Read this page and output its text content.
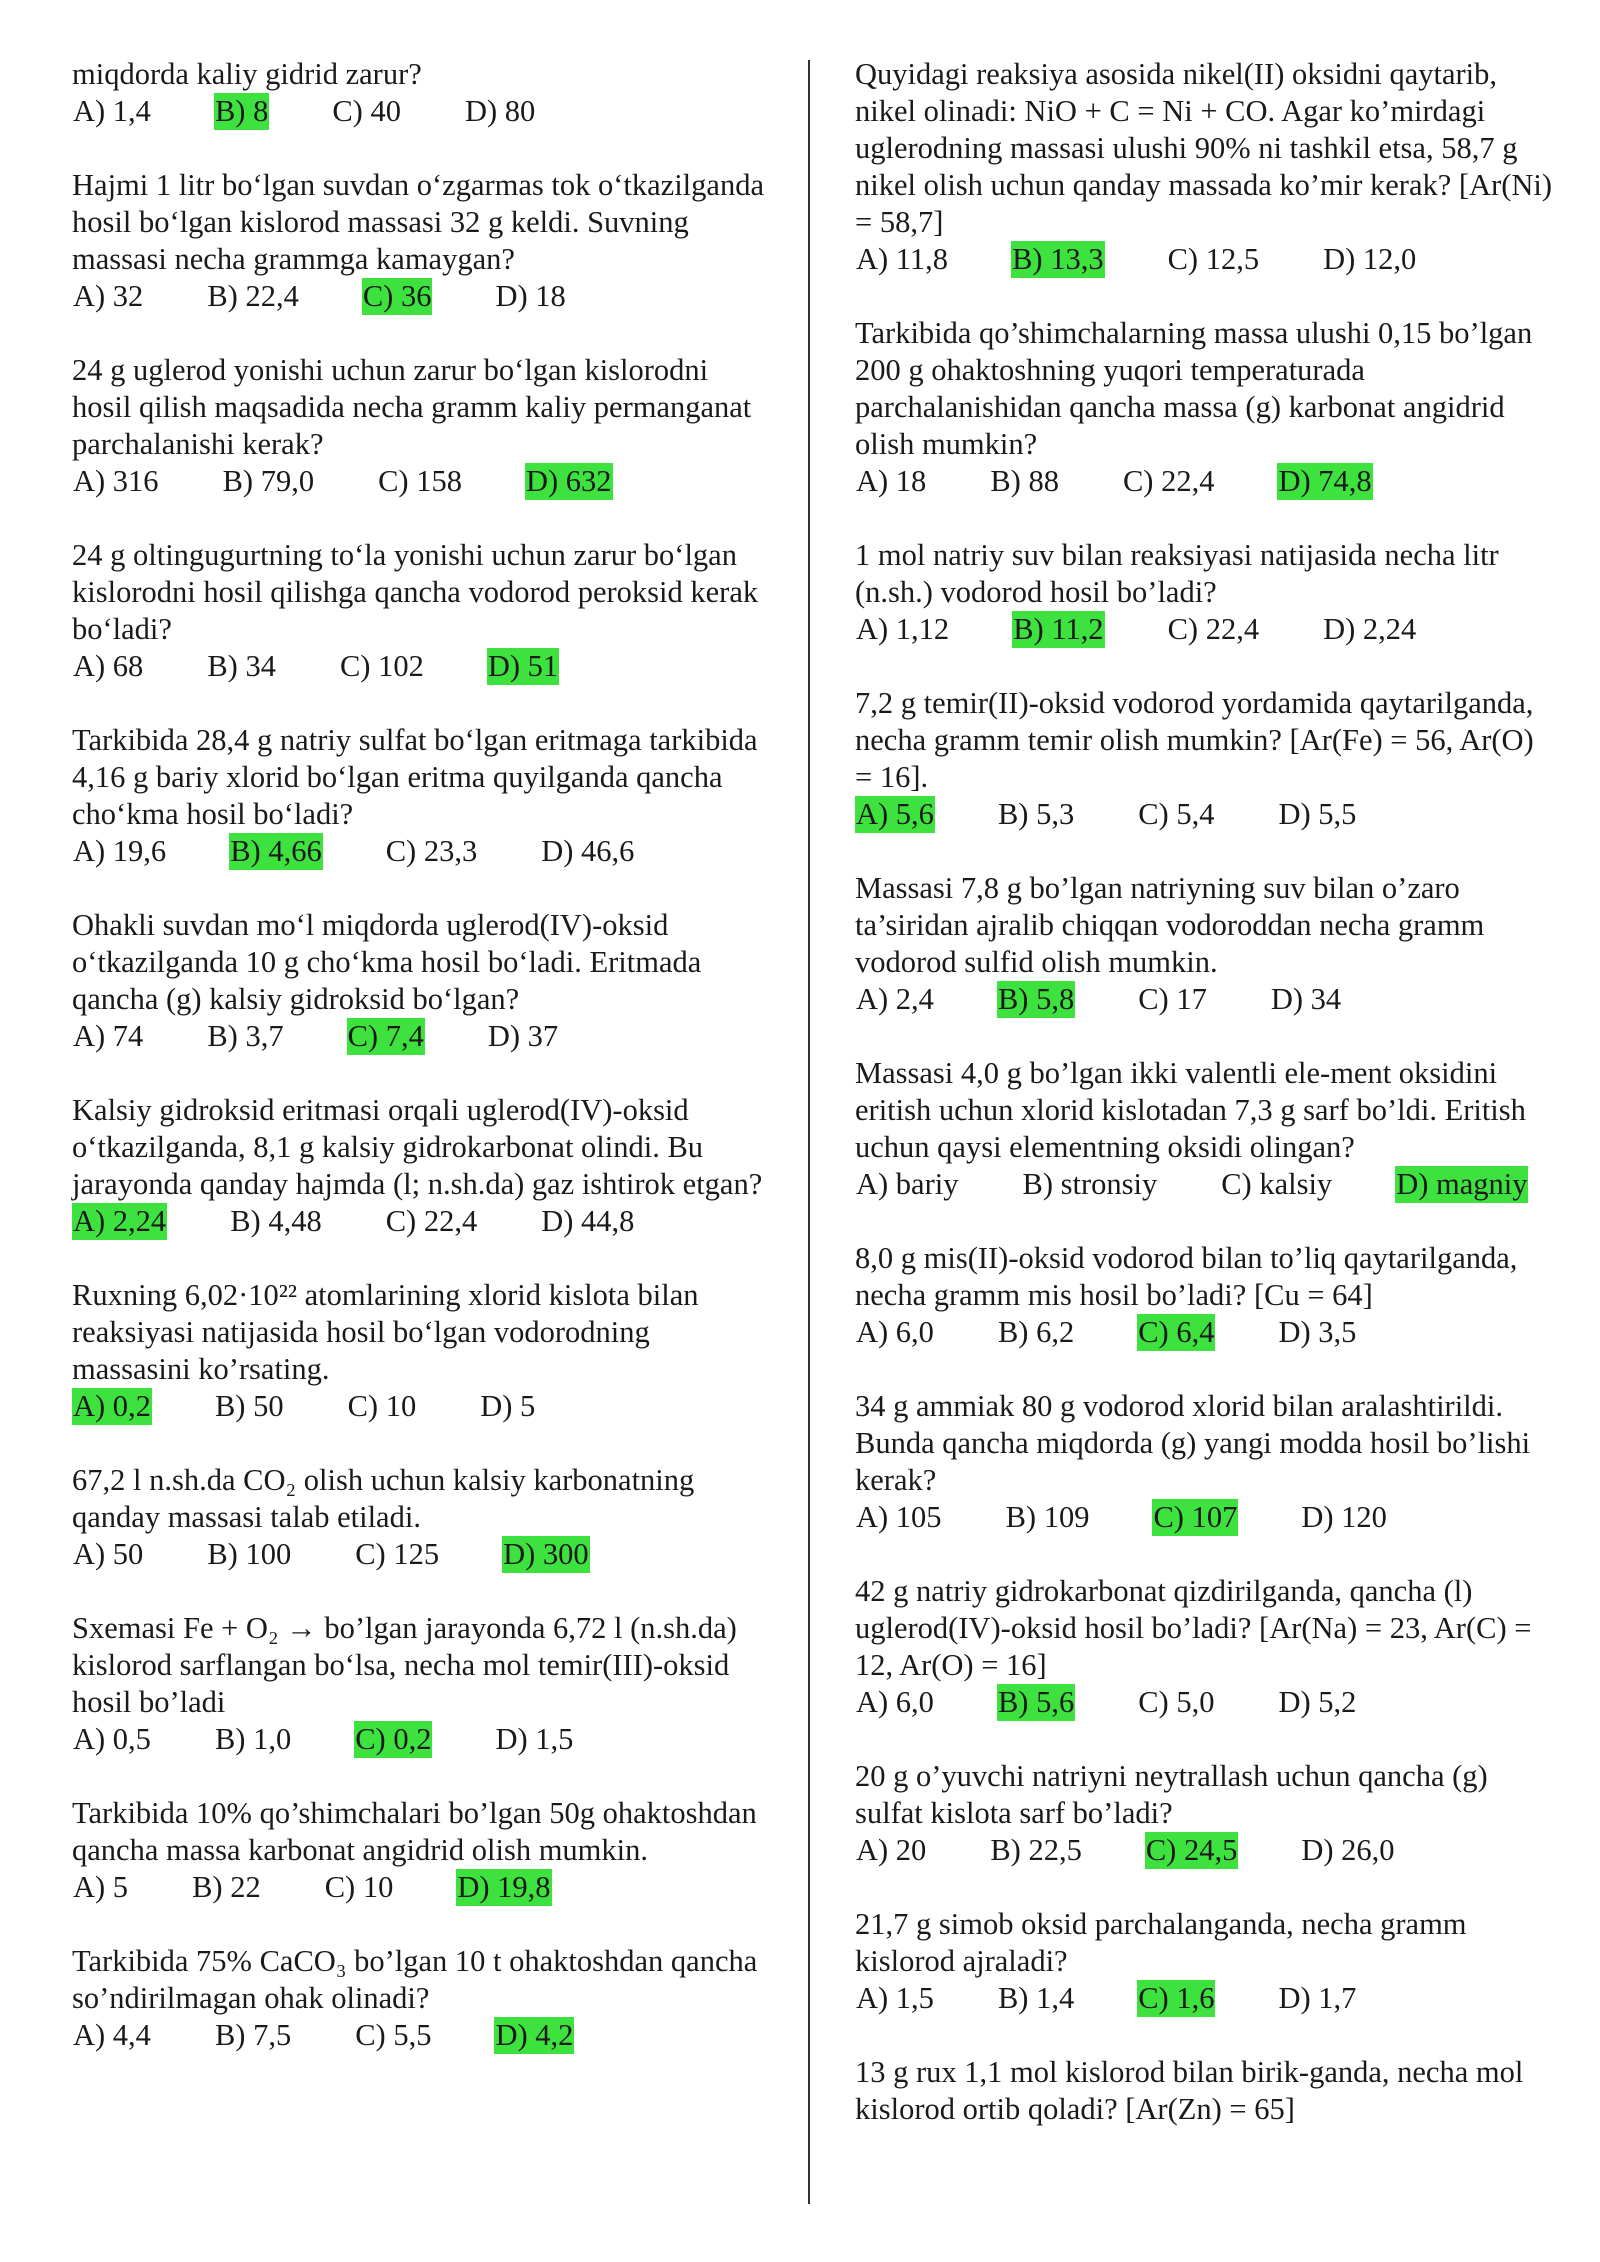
miqdorda kaliy gidrid zarur?
A) 1,4 B) 8 C) 40 D) 80
Hajmi 1 litr bo‘lgan suvdan o‘zgarmas tok o‘tkazilganda hosil bo‘lgan kislorod massasi 32 g keldi. Suvning massasi necha grammga kamaygan?
A) 32 B) 22,4 C) 36 D) 18
24 g uglerod yonishi uchun zarur bo‘lgan kislorodni hosil qilish maqsadida necha gramm kaliy permanganat parchalanishi kerak?
A) 316 B) 79,0 C) 158 D) 632
24 g oltingugurtning to‘la yonishi uchun zarur bo‘lgan kislorodni hosil qilishga qancha vodorod peroksid kerak bo‘ladi?
A) 68 B) 34 C) 102 D) 51
Tarkibida 28,4 g natriy sulfat bo‘lgan eritmaga tarkibida 4,16 g bariy xlorid bo‘lgan eritma quyilganda qancha cho‘kma hosil bo‘ladi?
A) 19,6 B) 4,66 C) 23,3 D) 46,6
Ohakli suvdan mo‘l miqdorda uglerod(IV)-oksid o‘tkazilganda 10 g cho‘kma hosil bo‘ladi. Eritmada qancha (g) kalsiy gidroksid bo‘lgan?
A) 74 B) 3,7 C) 7,4 D) 37
Kalsiy gidroksid eritmasi orqali uglerod(IV)-oksid o‘tkazilganda, 8,1 g kalsiy gidrokarbonat olindi. Bu jarayonda qanday hajmda (l; n.sh.da) gaz ishtirok etgan?
A) 2,24 B) 4,48 C) 22,4 D) 44,8
Ruxning 6,02·10²² atomlarining xlorid kislota bilan reaksiyasi natijasida hosil bo‘lgan vodorodning massasini ko’rsating.
A) 0,2 B) 50 C) 10 D) 5
67,2 l n.sh.da CO₂ olish uchun kalsiy karbonatning qanday massasi talab etiladi.
A) 50 B) 100 C) 125 D) 300
Sxemasi Fe + O₂ → bo’lgan jarayonda 6,72 l (n.sh.da) kislorod sarflangan bo‘lsa, necha mol temir(III)-oksid hosil bo’ladi
A) 0,5 B) 1,0 C) 0,2 D) 1,5
Tarkibida 10% qo’shimchalari bo’lgan 50g ohaktoshdan qancha massa karbonat angidrid olish mumkin.
A) 5 B) 22 C) 10 D) 19,8
Tarkibida 75% CaCO₃ bo’lgan 10 t ohaktoshdan qancha so’ndirilmagan ohak olinadi?
A) 4,4 B) 7,5 C) 5,5 D) 4,2
Quyidagi reaksiya asosida nikel(II) oksidni qaytarib, nikel olinadi: NiO + C = Ni + CO. Agar ko’mirdagi uglerodning massasi ulushi 90% ni tashkil etsa, 58,7 g nikel olish uchun qanday massada ko’mir kerak? [Ar(Ni) = 58,7]
A) 11,8 B) 13,3 C) 12,5 D) 12,0
Tarkibida qo’shimchalarning massa ulushi 0,15 bo’lgan 200 g ohaktoshning yuqori temperaturada parchalanishidan qancha massa (g) karbonat angidrid olish mumkin?
A) 18 B) 88 C) 22,4 D) 74,8
1 mol natriy suv bilan reaksiyasi natijasida necha litr (n.sh.) vodorod hosil bo’ladi?
A) 1,12 B) 11,2 C) 22,4 D) 2,24
7,2 g temir(II)-oksid vodorod yordamida qaytarilganda, necha gramm temir olish mumkin? [Ar(Fe) = 56, Ar(O) = 16].
A) 5,6 B) 5,3 C) 5,4 D) 5,5
Massasi 7,8 g bo’lgan natriyning suv bilan o’zaro ta’siridan ajralib chiqqan vodoroddan necha gramm vodorod sulfid olish mumkin.
A) 2,4 B) 5,8 C) 17 D) 34
Massasi 4,0 g bo’lgan ikki valentli ele-ment oksidini eritish uchun xlorid kislotadan 7,3 g sarf bo’ldi. Eritish uchun qaysi elementning oksidi olingan?
A) bariy B) stronsiy C) kalsiy D) magniy
8,0 g mis(II)-oksid vodorod bilan to’liq qaytarilganda, necha gramm mis hosil bo’ladi? [Cu = 64]
A) 6,0 B) 6,2 C) 6,4 D) 3,5
34 g ammiak 80 g vodorod xlorid bilan aralashtirildi. Bunda qancha miqdorda (g) yangi modda hosil bo’lishi kerak?
A) 105 B) 109 C) 107 D) 120
42 g natriy gidrokarbonat qizdirilganda, qancha (l) uglerod(IV)-oksid hosil bo’ladi? [Ar(Na) = 23, Ar(C) = 12, Ar(O) = 16]
A) 6,0 B) 5,6 C) 5,0 D) 5,2
20 g o’yuvchi natriyni neytrallash uchun qancha (g) sulfat kislota sarf bo’ladi?
A) 20 B) 22,5 C) 24,5 D) 26,0
21,7 g simob oksid parchalanganda, necha gramm kislorod ajraladi?
A) 1,5 B) 1,4 C) 1,6 D) 1,7
13 g rux 1,1 mol kislorod bilan birik-ganda, necha mol kislorod ortib qoladi? [Ar(Zn) = 65]
